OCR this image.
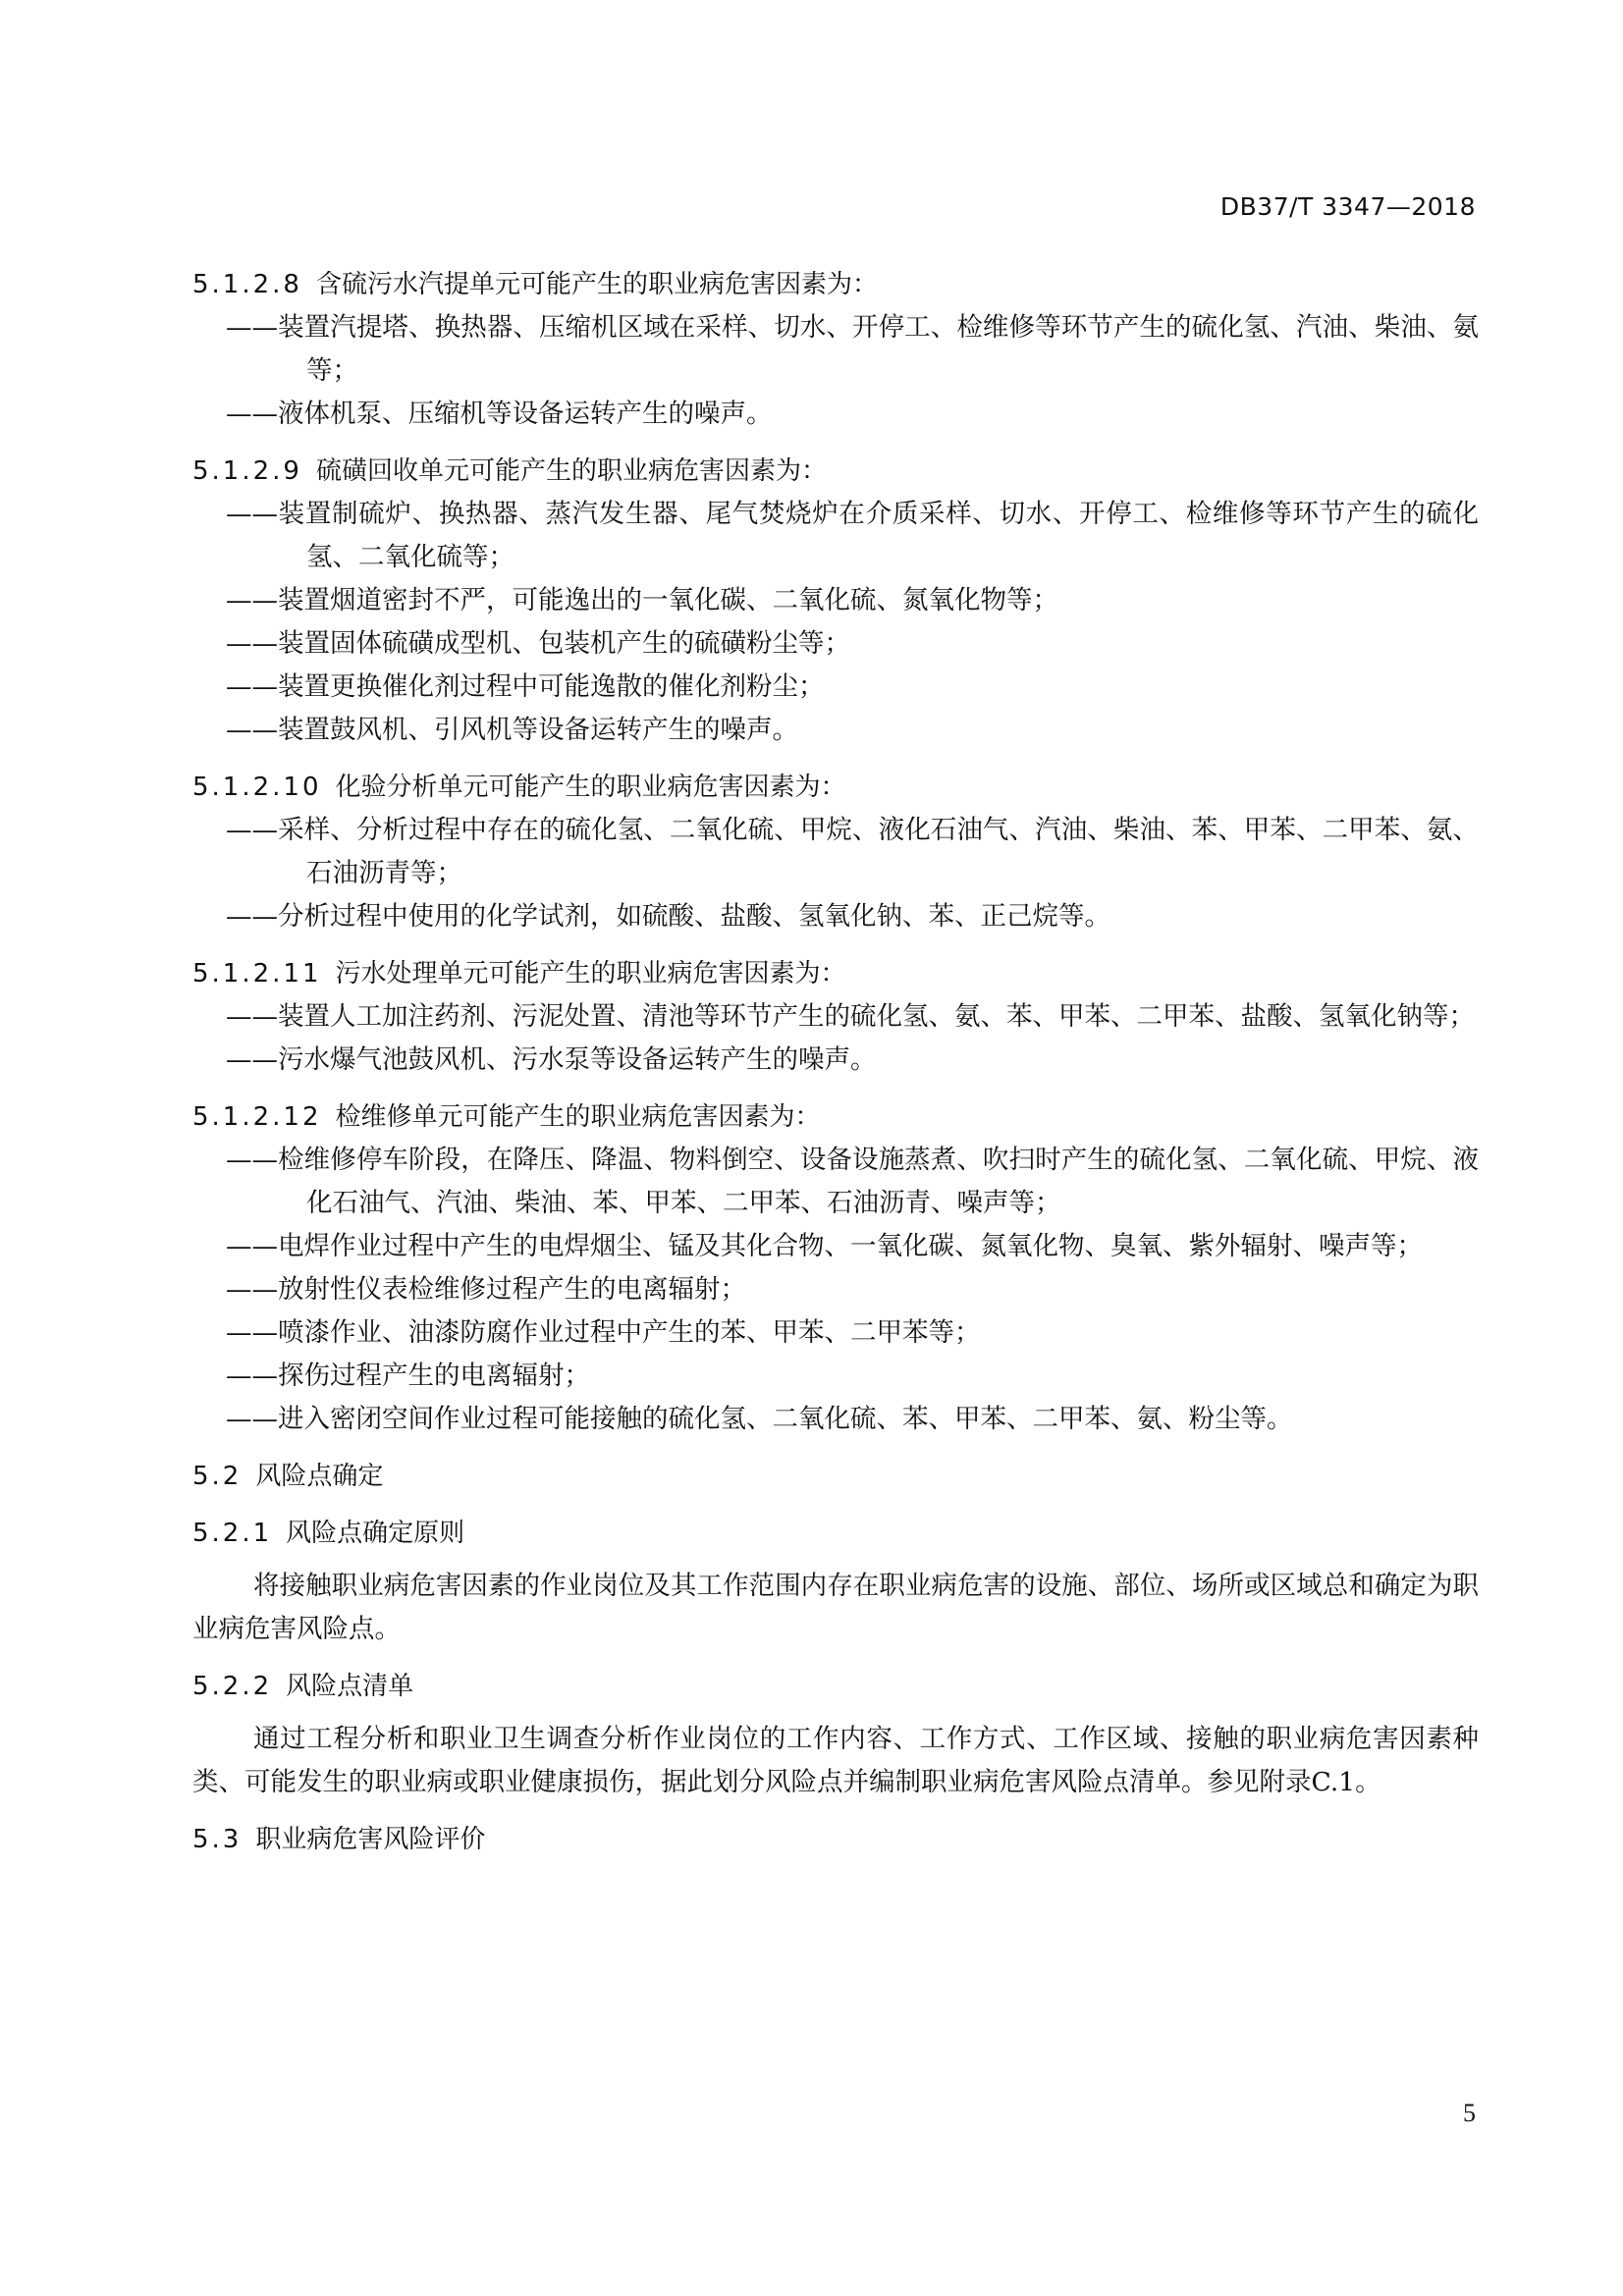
DB37/T 3347—2018
5.1.2.8 含硫污水汽提单元可能产生的职业病危害因素为：
——装置汽提塔、换热器、压缩机区域在采样、切水、开停工、检维修等环节产生的硫化氢、汽油、柴油、氨等；
——液体机泵、压缩机等设备运转产生的噪声。
5.1.2.9 硫磺回收单元可能产生的职业病危害因素为：
——装置制硫炉、换热器、蒸汽发生器、尾气焚烧炉在介质采样、切水、开停工、检维修等环节产生的硫化氢、二氧化硫等；
——装置烟道密封不严，可能逸出的一氧化碳、二氧化硫、氮氧化物等；
——装置固体硫磺成型机、包装机产生的硫磺粉尘等；
——装置更换催化剂过程中可能逸散的催化剂粉尘；
——装置鼓风机、引风机等设备运转产生的噪声。
5.1.2.10 化验分析单元可能产生的职业病危害因素为：
——采样、分析过程中存在的硫化氢、二氧化硫、甲烷、液化石油气、汽油、柴油、苯、甲苯、二甲苯、氨、石油沥青等；
——分析过程中使用的化学试剂，如硫酸、盐酸、氢氧化钠、苯、正己烷等。
5.1.2.11 污水处理单元可能产生的职业病危害因素为：
——装置人工加注药剂、污泥处置、清池等环节产生的硫化氢、氨、苯、甲苯、二甲苯、盐酸、氢氧化钠等；
——污水爆气池鼓风机、污水泵等设备运转产生的噪声。
5.1.2.12 检维修单元可能产生的职业病危害因素为：
——检维修停车阶段，在降压、降温、物料倒空、设备设施蒸煮、吹扫时产生的硫化氢、二氧化硫、甲烷、液化石油气、汽油、柴油、苯、甲苯、二甲苯、石油沥青、噪声等；
——电焊作业过程中产生的电焊烟尘、锰及其化合物、一氧化碳、氮氧化物、臭氧、紫外辐射、噪声等；
——放射性仪表检维修过程产生的电离辐射；
——喷漆作业、油漆防腐作业过程中产生的苯、甲苯、二甲苯等；
——探伤过程产生的电离辐射；
——进入密闭空间作业过程可能接触的硫化氢、二氧化硫、苯、甲苯、二甲苯、氨、粉尘等。
5.2 风险点确定
5.2.1 风险点确定原则
将接触职业病危害因素的作业岗位及其工作范围内存在职业病危害的设施、部位、场所或区域总和确定为职业病危害风险点。
5.2.2 风险点清单
通过工程分析和职业卫生调查分析作业岗位的工作内容、工作方式、工作区域、接触的职业病危害因素种类、可能发生的职业病或职业健康损伤，据此划分风险点并编制职业病危害风险点清单。参见附录C.1。
5.3 职业病危害风险评价
5
